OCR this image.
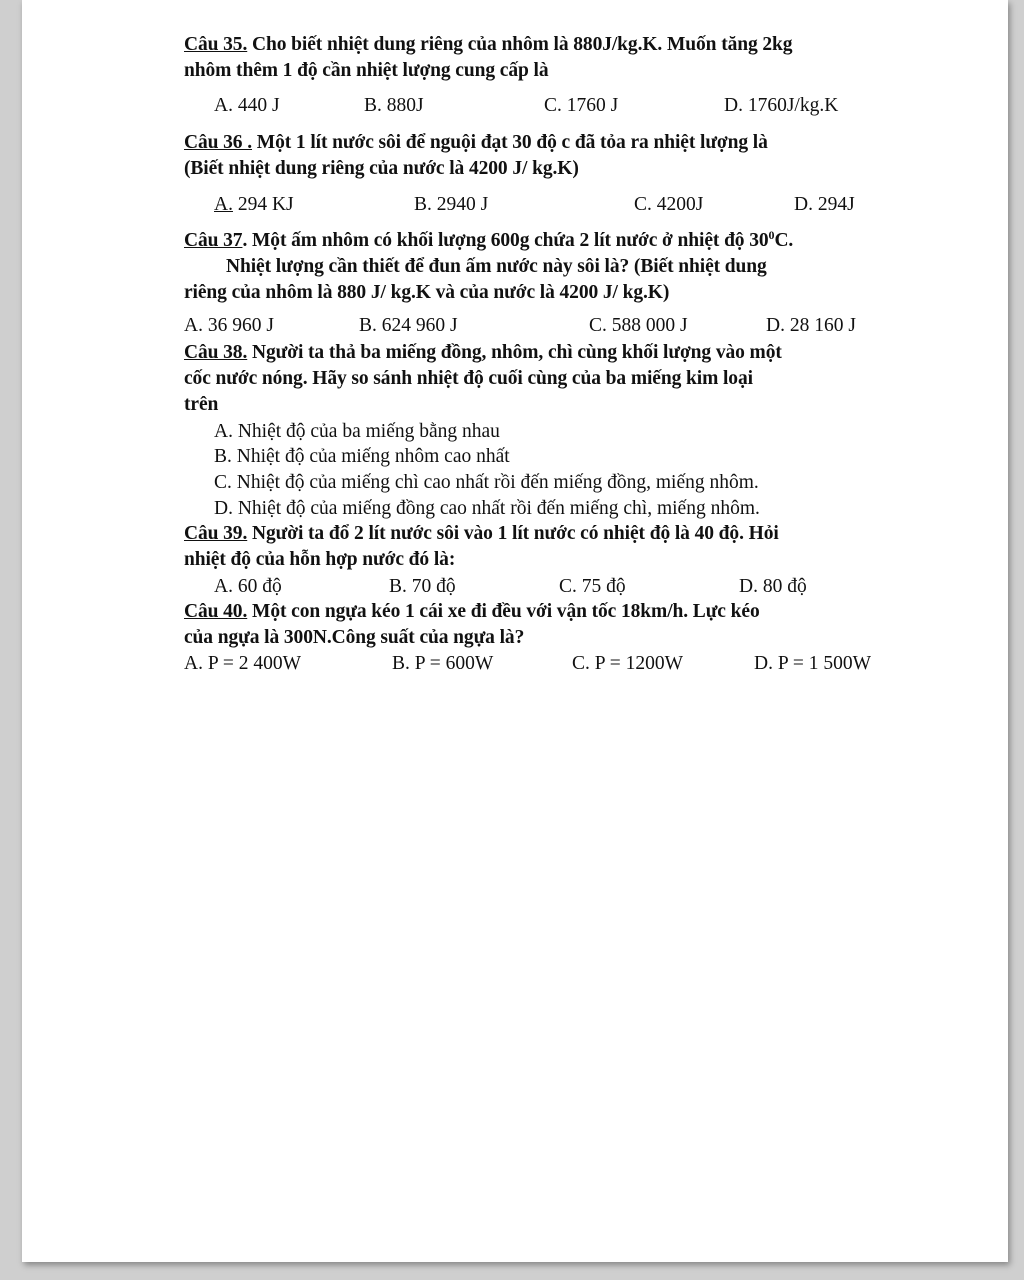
Câu 35. Cho biết nhiệt dung riêng của nhôm là 880J/kg.K. Muốn tăng 2kg
nhôm thêm 1 độ cần nhiệt lượng cung cấp là
A. 440 J	B. 880J	C. 1760 J	D. 1760J/kg.K
Câu 36 . Một 1 lít nước sôi để nguội đạt 30 độ c đã tỏa ra nhiệt lượng là
(Biết nhiệt dung riêng của nước là 4200 J/ kg.K)
A. 294 KJ	B. 2940 J	C. 4200J	D. 294J
Câu 37. Một ấm nhôm có khối lượng 600g chứa 2 lít nước ở nhiệt độ $30^0C$.

Nhiệt lượng cần thiết để đun ấm nước này sôi là? (Biết nhiệt dung
riêng của nhôm là 880 J/ kg.K và của nước là 4200 J/ kg.K)
A. 36 960 J	B. 624 960 J	C. 588 000 J	D. 28 160 J
Câu 38. Người ta thả ba miếng đồng, nhôm, chì cùng khối lượng vào một
cốc nước nóng. Hãy so sánh nhiệt độ cuối cùng của ba miếng kim loại
trên
A. Nhiệt độ của ba miếng bằng nhau
B. Nhiệt độ của miếng nhôm cao nhất
C. Nhiệt độ của miếng chì cao nhất rồi đến miếng đồng, miếng nhôm.
D. Nhiệt độ của miếng đồng cao nhất rồi đến miếng chì, miếng nhôm.
Câu 39. Người ta đổ 2 lít nước sôi vào 1 lít nước có nhiệt độ là 40 độ. Hỏi
nhiệt độ của hỗn hợp nước đó là:
A. 60 độ	B. 70 độ	C. 75 độ	D. 80 độ
Câu 40. Một con ngựa kéo 1 cái xe đi đều với vận tốc 18km/h. Lực kéo
của ngựa là 300N.Công suất của ngựa là?
A. P = 2 400W	B. P = 600W	C. P = 1200W	D. P = 1 500W
